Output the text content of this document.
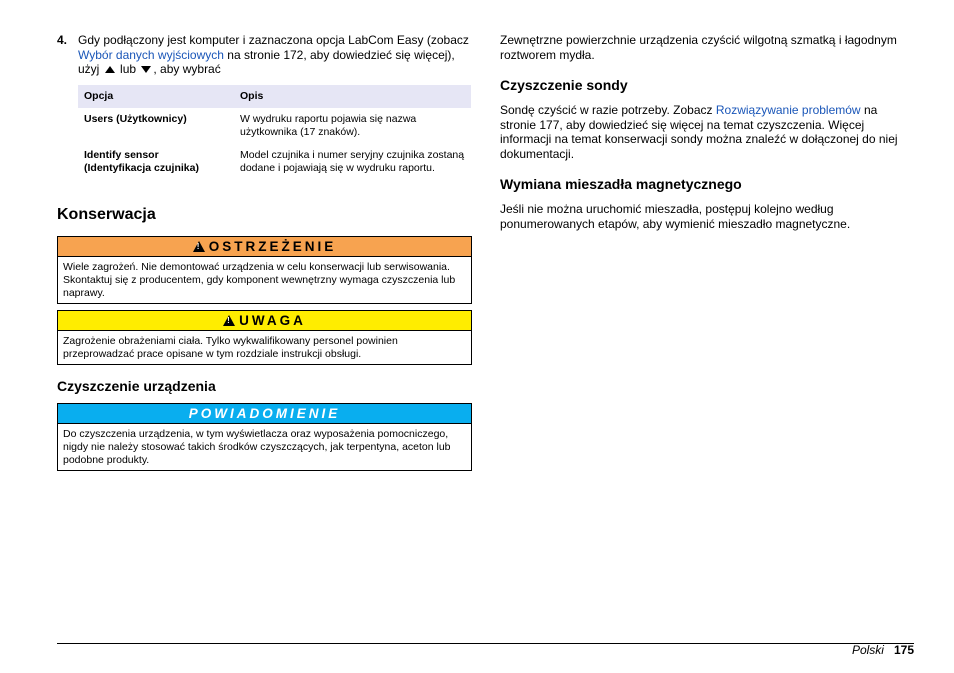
4. Gdy podłączony jest komputer i zaznaczona opcja LabCom Easy (zobacz Wybór danych wyjściowych na stronie 172, aby dowiedzieć się więcej), użyj  lub , aby wybrać
Opcja	Opis
Users (Użytkownicy)	W wydruku raportu pojawia się nazwa użytkownika (17 znaków).
Identify sensor (Identyfikacja czujnika)	Model czujnika i numer seryjny czujnika zostaną dodane i pojawiają się w wydruku raportu.
Konserwacja
!OSTRZEŻENIE
Wiele zagrożeń. Nie demontować urządzenia w celu konserwacji lub serwisowania. Skontaktuj się z producentem, gdy komponent wewnętrzny wymaga czyszczenia lub naprawy.
!UWAGA
Zagrożenie obrażeniami ciała. Tylko wykwalifikowany personel powinien przeprowadzać prace opisane w tym rozdziale instrukcji obsługi.
Czyszczenie urządzenia
POWIADOMIENIE
Do czyszczenia urządzenia, w tym wyświetlacza oraz wyposażenia pomocniczego, nigdy nie należy stosować takich środków czyszczących, jak terpentyna, aceton lub podobne produkty.

Zewnętrzne powierzchnie urządzenia czyścić wilgotną szmatką i łagodnym roztworem mydła.

Czyszczenie sondy

Sondę czyścić w razie potrzeby. Zobacz Rozwiązywanie problemów na stronie 177, aby dowiedzieć się więcej na temat czyszczenia. Więcej informacji na temat konserwacji sondy można znaleźć w dołączonej do niej dokumentacji.

Wymiana mieszadła magnetycznego

Jeśli nie można uruchomić mieszadła, postępuj kolejno według ponumerowanych etapów, aby wymienić mieszadło magnetyczne.

Polski 175
